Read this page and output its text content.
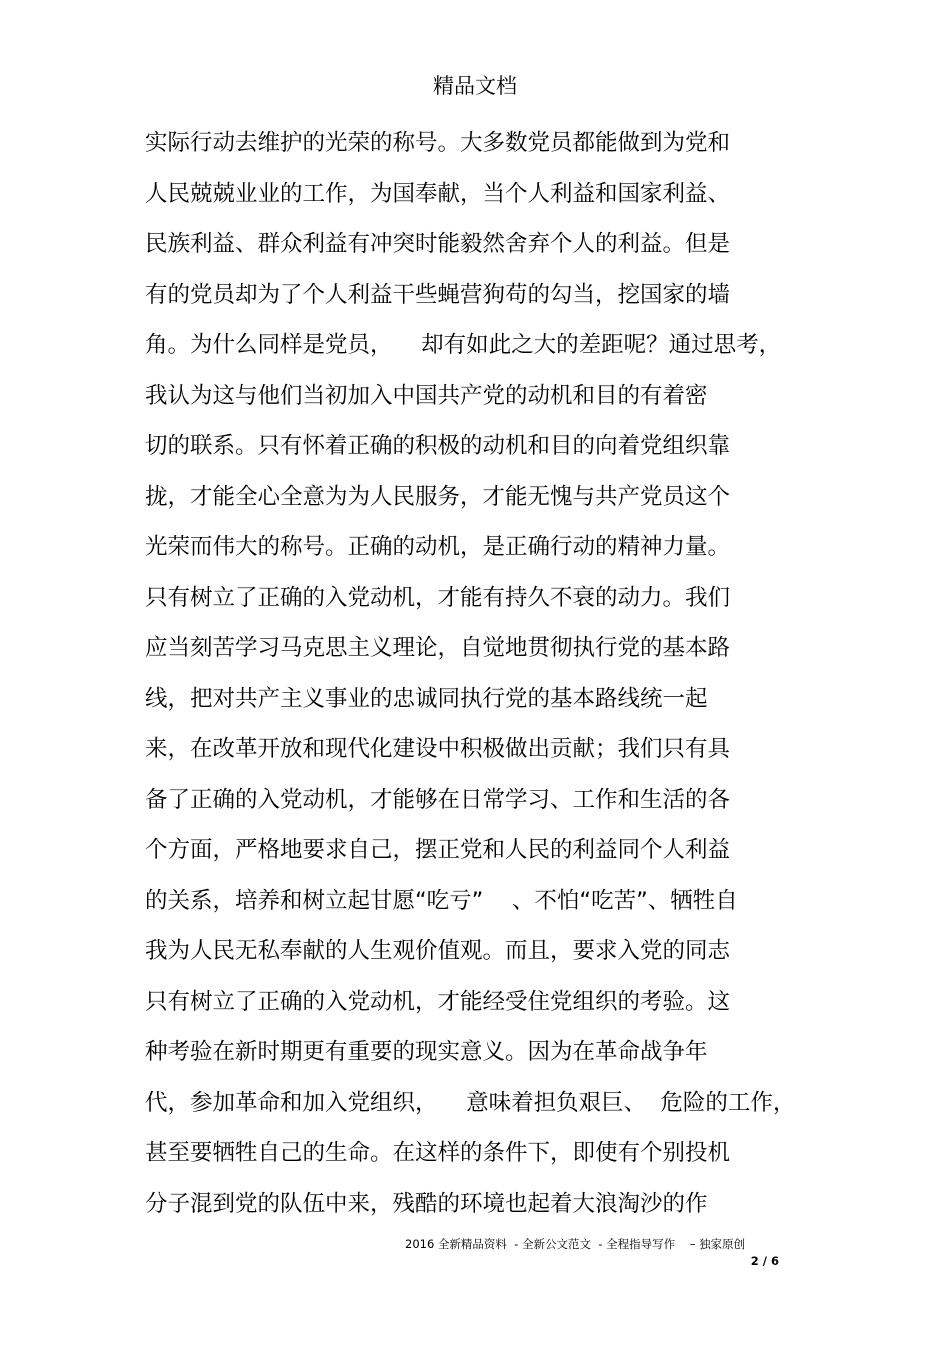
精品文档
实际行动去维护的光荣的称号。大多数党员都能做到为党和
人民兢兢业业的工作，为国奉献，当个人利益和国家利益、
民族利益、群众利益有冲突时能毅然舍弃个人的利益。但是
有的党员却为了个人利益干些蝇营狗苟的勾当，挖国家的墙
角。为什么同样是党员，    却有如此之大的差距呢？通过思考，
我认为这与他们当初加入中国共产党的动机和目的有着密
切的联系。只有怀着正确的积极的动机和目的向着党组织靠
拢，才能全心全意为为人民服务，才能无愧与共产党员这个
光荣而伟大的称号。正确的动机，是正确行动的精神力量。
只有树立了正确的入党动机，才能有持久不衰的动力。我们
应当刻苦学习马克思主义理论，自觉地贯彻执行党的基本路
线，把对共产主义事业的忠诚同执行党的基本路线统一起
来，在改革开放和现代化建设中积极做出贡献；我们只有具
备了正确的入党动机，才能够在日常学习、工作和生活的各
个方面，严格地要求自己，摆正党和人民的利益同个人利益
的关系，培养和树立起甘愿“吃亏”    、不怕“吃苦”、牺牲自
我为人民无私奉献的人生观价值观。而且，要求入党的同志
只有树立了正确的入党动机，才能经受住党组织的考验。这
种考验在新时期更有重要的现实意义。因为在革命战争年
代，参加革命和加入党组织，    意味着担负艰巨、  危险的工作，
甚至要牺牲自己的生命。在这样的条件下，即使有个别投机
分子混到党的队伍中来，残酷的环境也起着大浪淘沙的作
2016 全新精品资料  - 全新公文范文  - 全程指导写作    – 独家原创
2 / 6
